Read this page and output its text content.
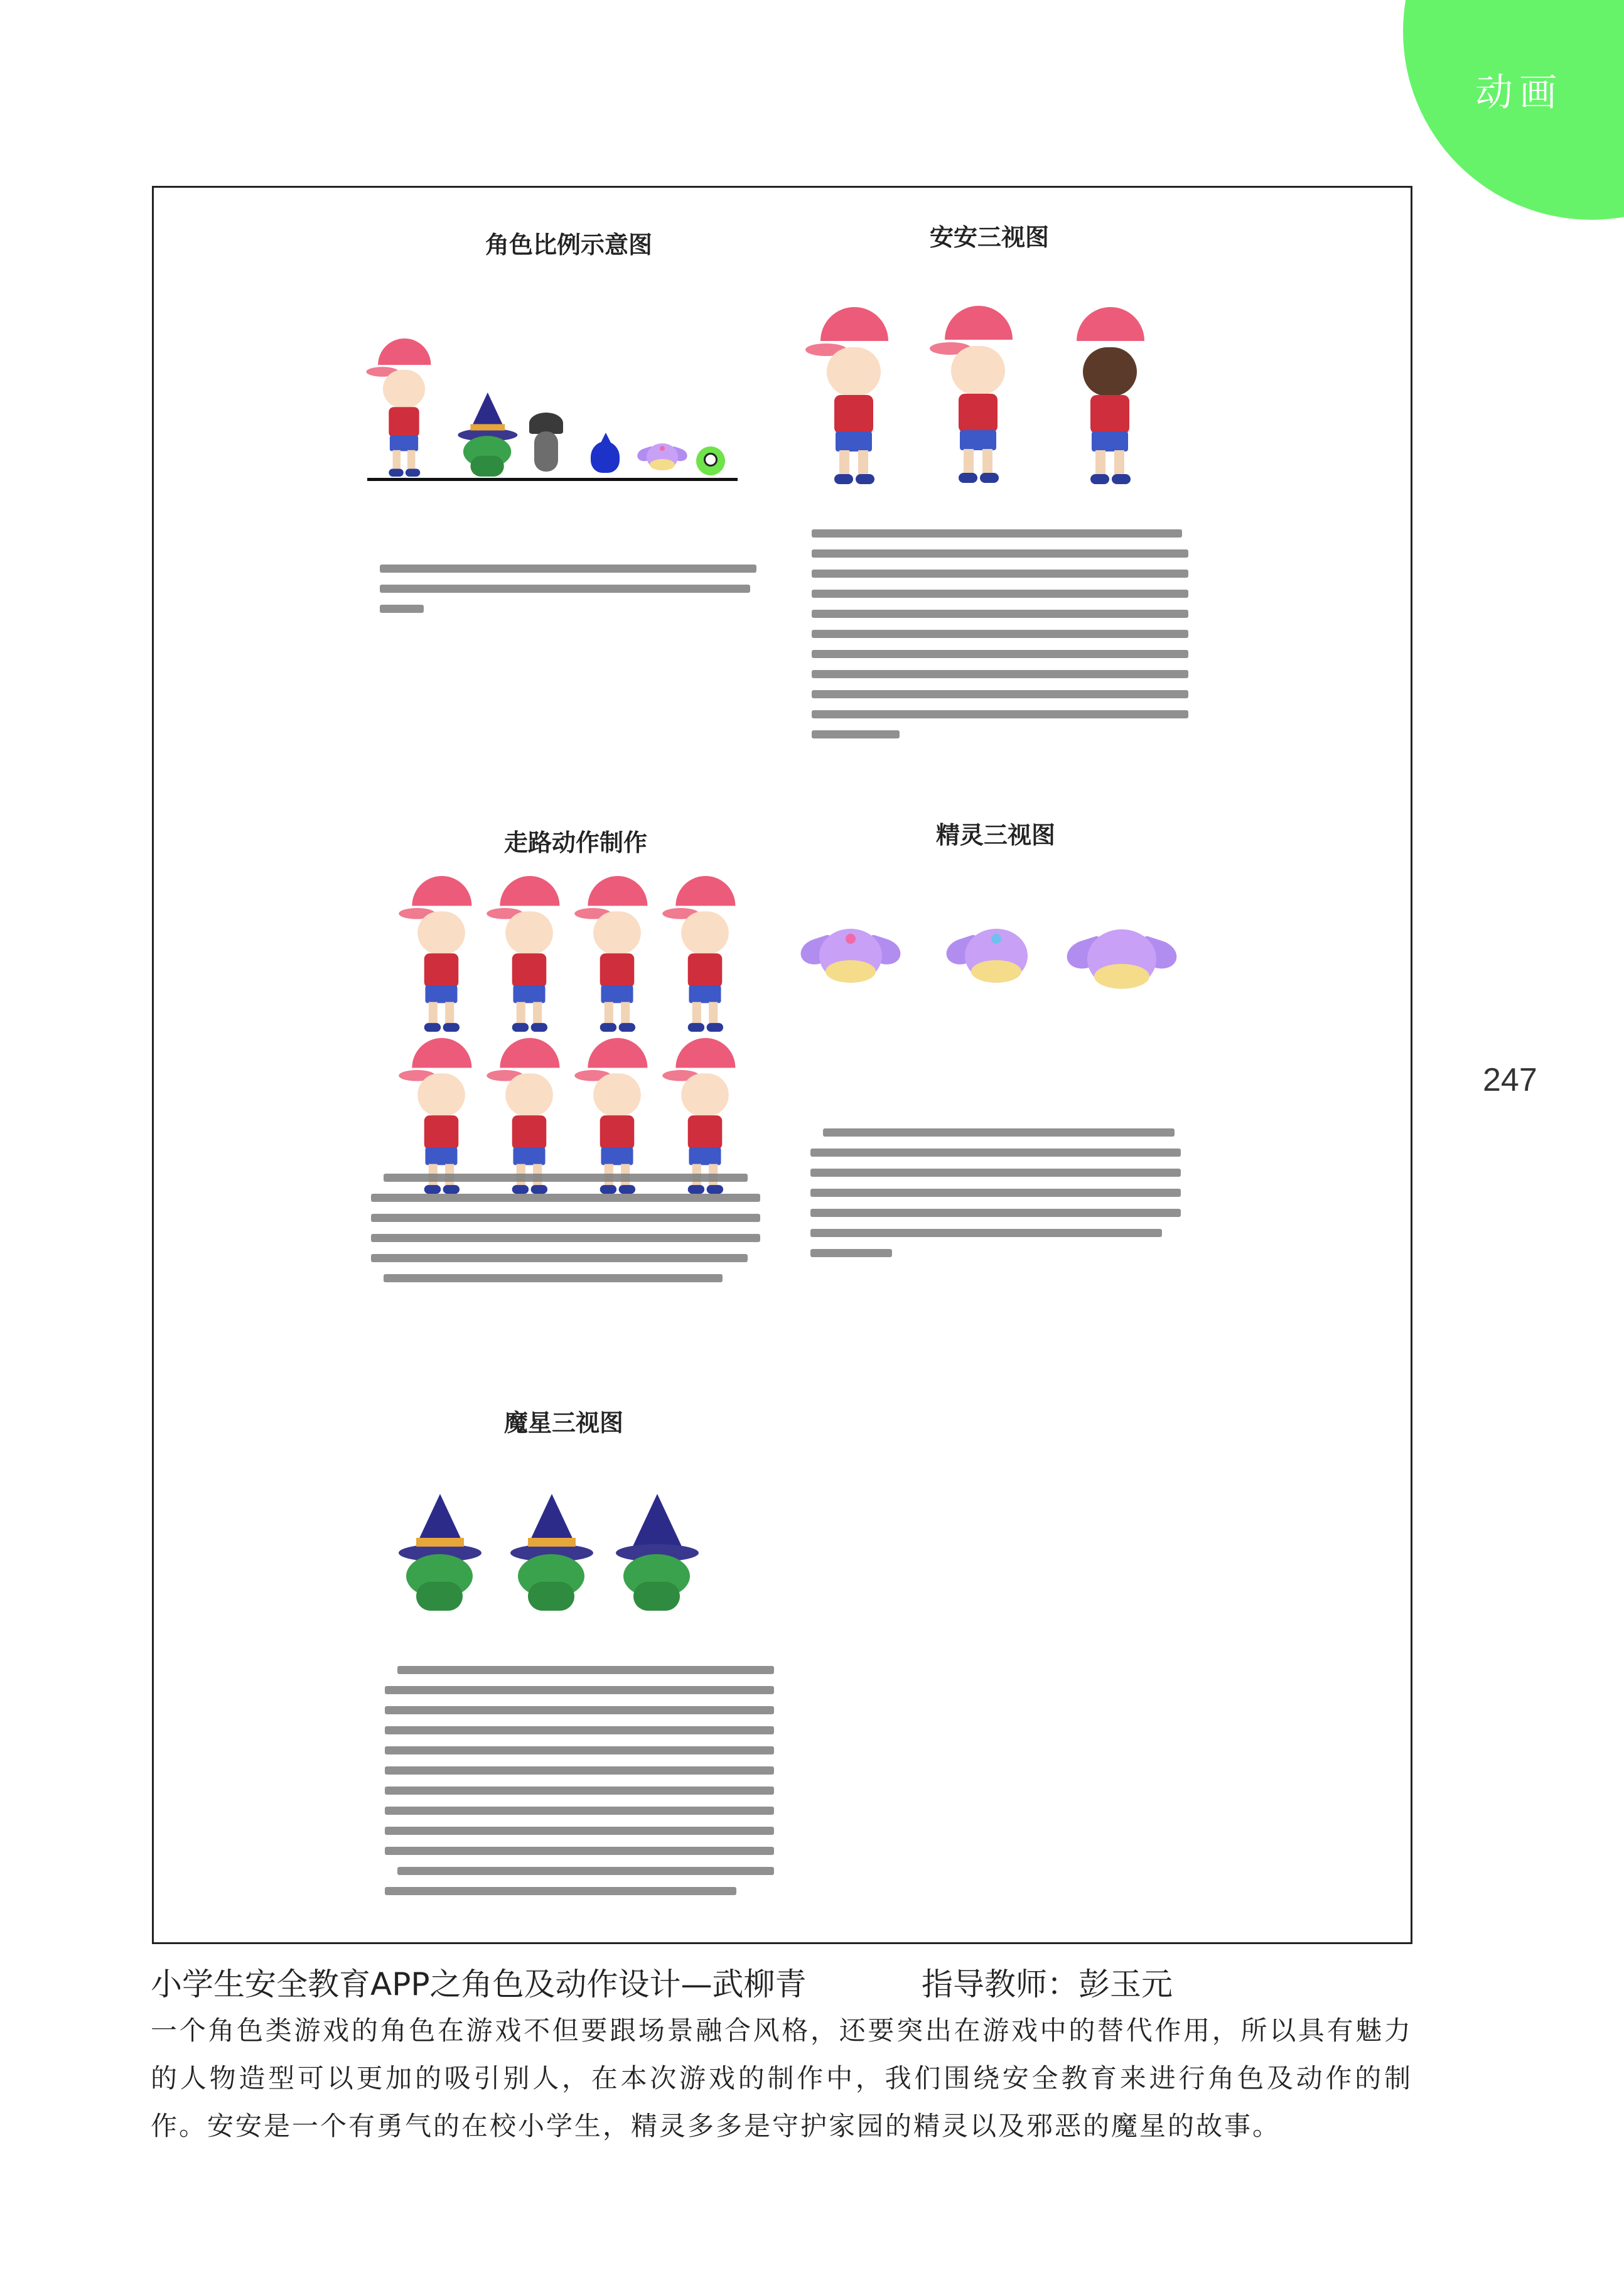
动画
247
角色比例示意图	安安三视图
走路动作制作	精灵三视图
魔星三视图
小学生安全教育APP之角色及动作设计—武柳青	指导教师：彭玉元
一个角色类游戏的角色在游戏不但要跟场景融合风格，还要突出在游戏中的替代作用，所以具有魅力的人物造型可以更加的吸引别人，在本次游戏的制作中，我们围绕安全教育来进行角色及动作的制作。安安是一个有勇气的在校小学生，精灵多多是守护家园的精灵以及邪恶的魔星的故事。
